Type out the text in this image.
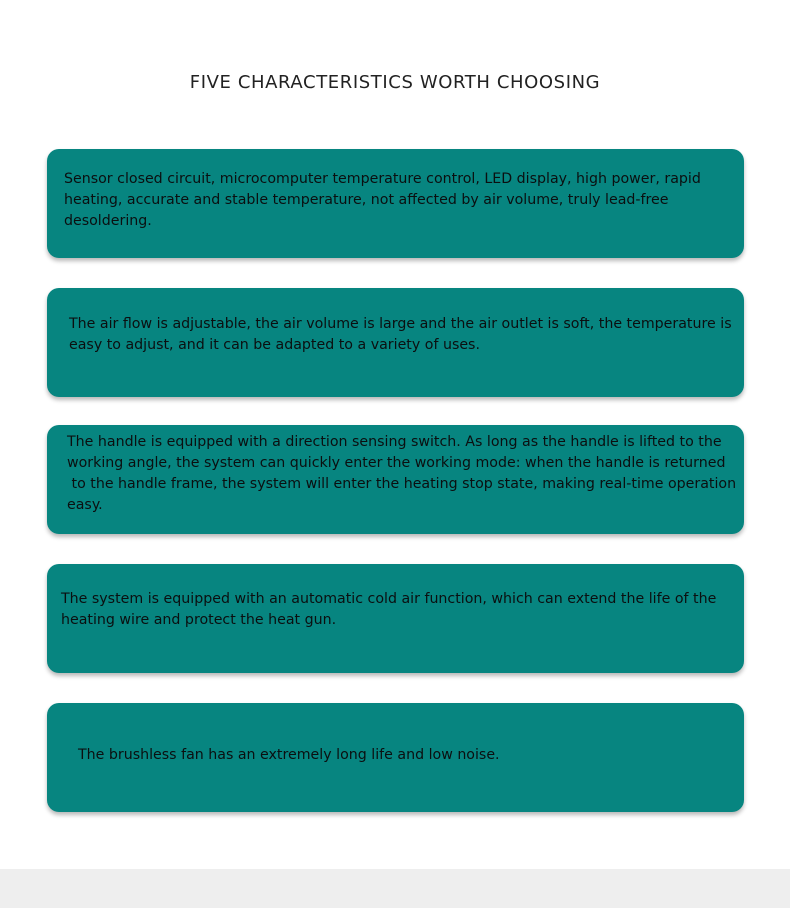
FIVE CHARACTERISTICS WORTH CHOOSING

Sensor closed circuit, microcomputer temperature control, LED display, high power, rapid heating, accurate and stable temperature, not affected by air volume, truly lead-free desoldering.

The air flow is adjustable, the air volume is large and the air outlet is soft, the temperature is easy to adjust, and it can be adapted to a variety of uses.

The handle is equipped with a direction sensing switch. As long as the handle is lifted to the working angle, the system can quickly enter the working mode: when the handle is returned
to the handle frame, the system will enter the heating stop state, making real-time operation easy.

The system is equipped with an automatic cold air function, which can extend the life of the heating wire and protect the heat gun.

The brushless fan has an extremely long life and low noise.
